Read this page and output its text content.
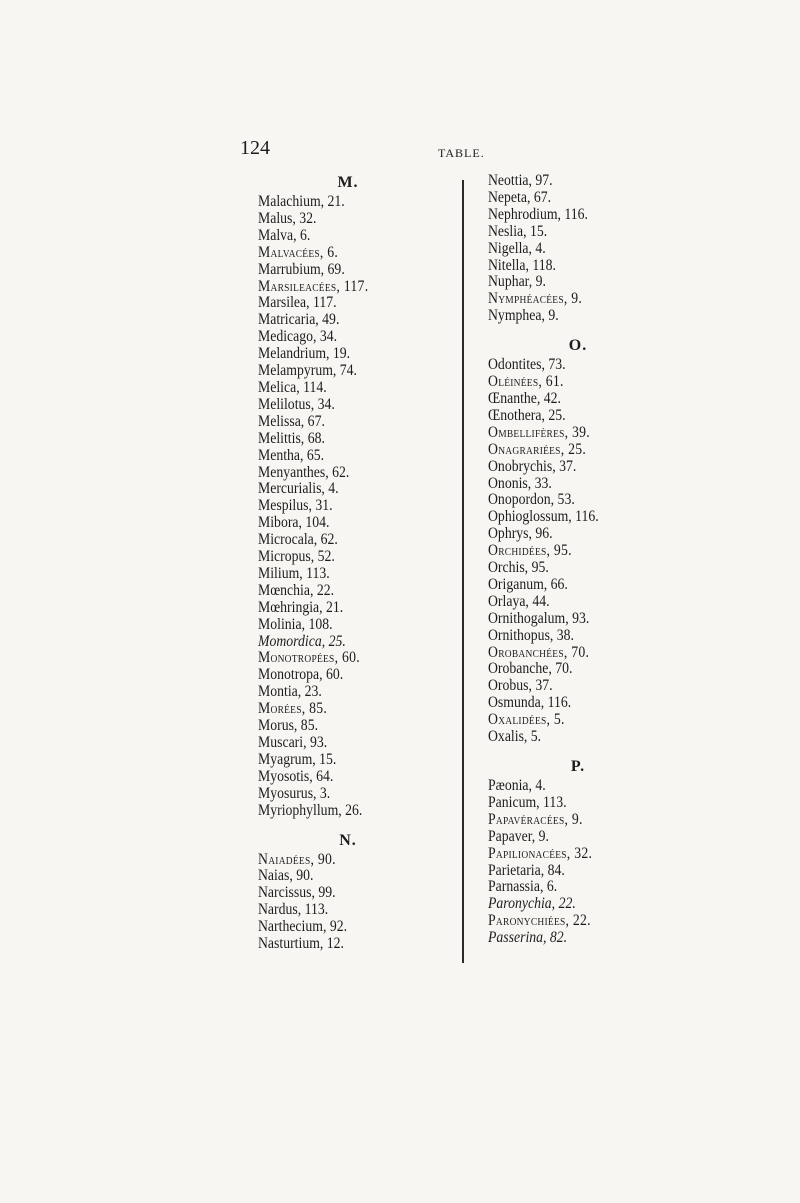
124	TABLE.
M.
Malachium, 21.
Malus, 32.
Malva, 6.
Malvacées, 6.
Marrubium, 69.
Marsileacées, 117.
Marsilea, 117.
Matricaria, 49.
Medicago, 34.
Melandrium, 19.
Melampyrum, 74.
Melica, 114.
Melilotus, 34.
Melissa, 67.
Melittis, 68.
Mentha, 65.
Menyanthes, 62.
Mercurialis, 4.
Mespilus, 31.
Mibora, 104.
Microcala, 62.
Micropus, 52.
Milium, 113.
Mœnchia, 22.
Mœhringia, 21.
Molinia, 108.
Momordica, 25.
Monotropées, 60.
Monotropa, 60.
Montia, 23.
Morées, 85.
Morus, 85.
Muscari, 93.
Myagrum, 15.
Myosotis, 64.
Myosurus, 3.
Myriophyllum, 26.
N.
Naiadées, 90.
Naias, 90.
Narcissus, 99.
Nardus, 113.
Narthecium, 92.
Nasturtium, 12.
Neottia, 97.
Nepeta, 67.
Nephrodium, 116.
Neslia, 15.
Nigella, 4.
Nitella, 118.
Nuphar, 9.
Nymphéacées, 9.
Nymphea, 9.
O.
Odontites, 73.
Oléinées, 61.
Œnanthe, 42.
Œnothera, 25.
Ombellifères, 39.
Onagrariées, 25.
Onobrychis, 37.
Ononis, 33.
Onopordon, 53.
Ophioglossum, 116.
Ophrys, 96.
Orchidées, 95.
Orchis, 95.
Origanum, 66.
Orlaya, 44.
Ornithogalum, 93.
Ornithopus, 38.
Orobanchées, 70.
Orobanche, 70.
Orobus, 37.
Osmunda, 116.
Oxalidées, 5.
Oxalis, 5.
P.
Pæonia, 4.
Panicum, 113.
Papavéracées, 9.
Papaver, 9.
Papilionacées, 32.
Parietaria, 84.
Parnassia, 6.
Paronychia, 22.
Paronychiées, 22.
Passerina, 82.
